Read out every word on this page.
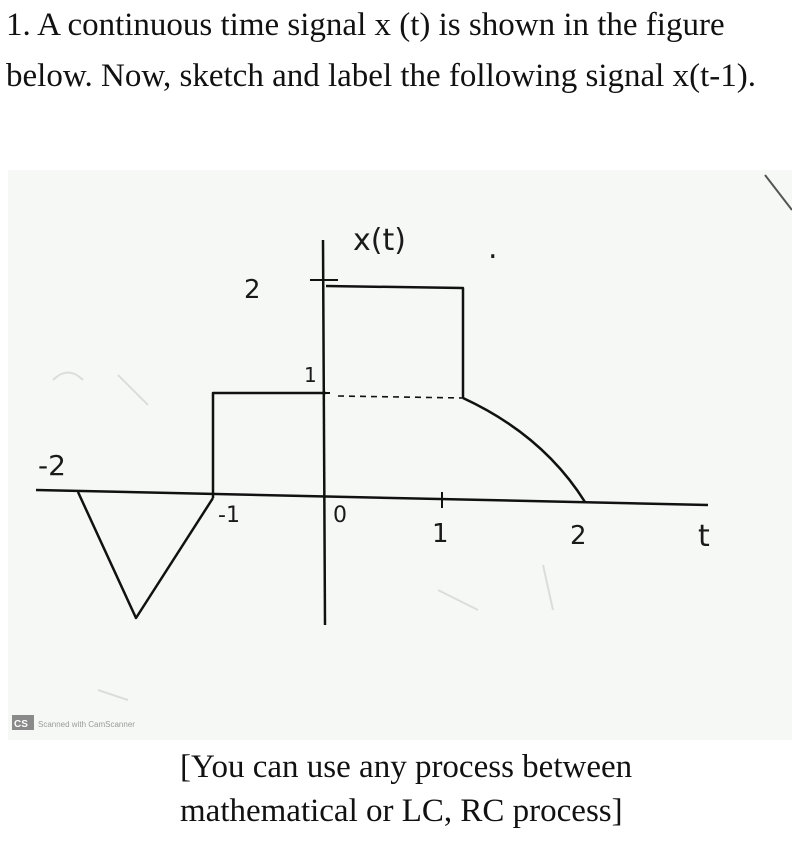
1. A continuous time signal x (t) is shown in the figure below. Now, sketch and label the following signal x(t-1).

x(t)	.
2
1
-2
-1	0
1	2	t
CS Scanned with CamScanner

[You can use any process between mathematical or LC, RC process]
